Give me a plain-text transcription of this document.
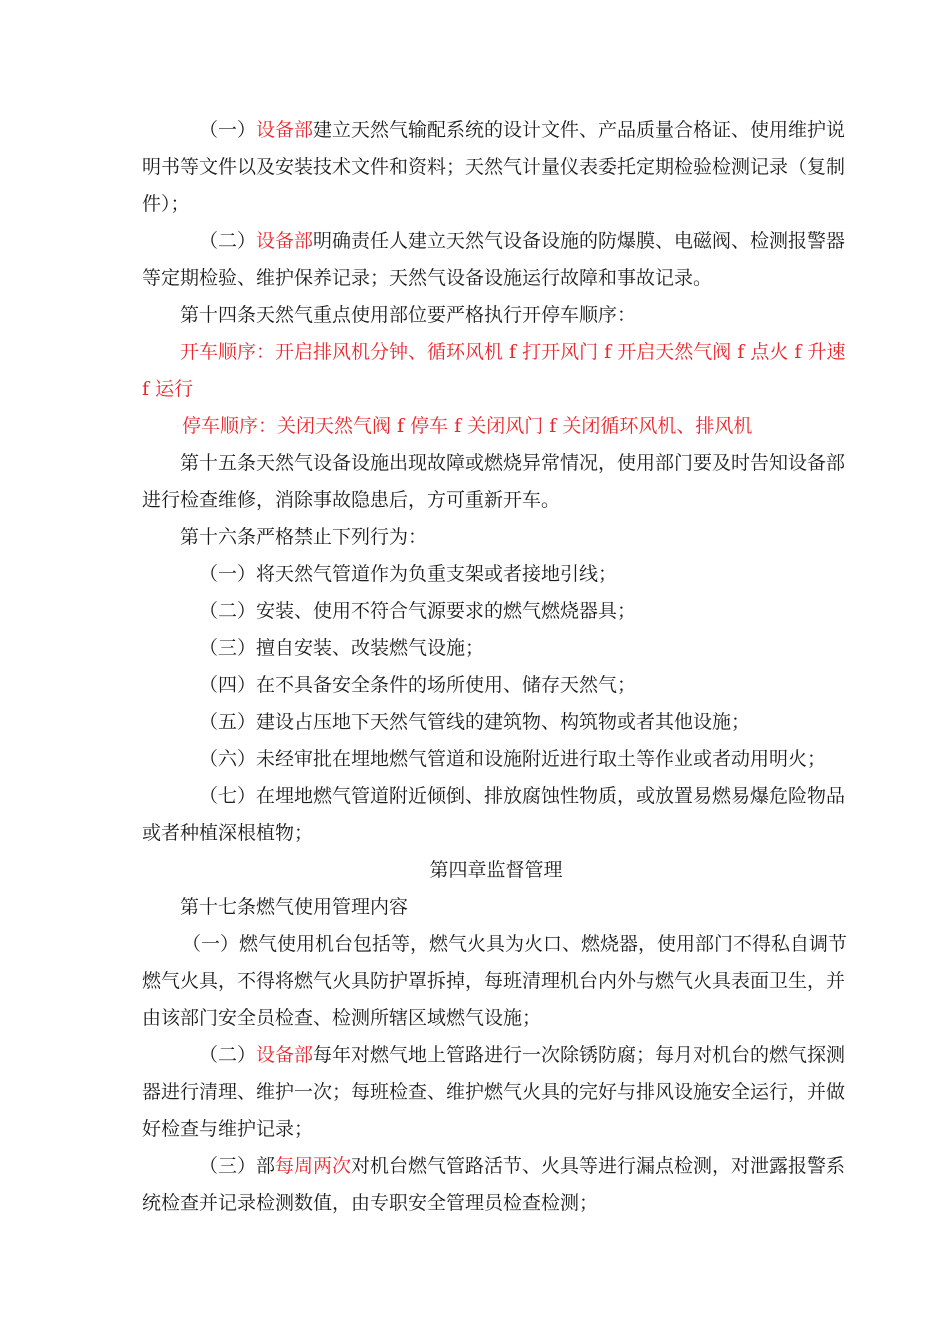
（一）设备部建立天然气输配系统的设计文件、产品质量合格证、使用维护说明书等文件以及安装技术文件和资料；天然气计量仪表委托定期检验检测记录（复制件）；

（二）设备部明确责任人建立天然气设备设施的防爆膜、电磁阀、检测报警器等定期检验、维护保养记录；天然气设备设施运行故障和事故记录。

第十四条天然气重点使用部位要严格执行开停车顺序：

开车顺序：开启排风机分钟、循环风机 f 打开风门 f 开启天然气阀 f 点火 f 升速 f 运行

停车顺序：关闭天然气阀 f 停车 f 关闭风门 f 关闭循环风机、排风机

第十五条天然气设备设施出现故障或燃烧异常情况，使用部门要及时告知设备部进行检查维修，消除事故隐患后，方可重新开车。

第十六条严格禁止下列行为：

（一）将天然气管道作为负重支架或者接地引线；

（二）安装、使用不符合气源要求的燃气燃烧器具；

（三）擅自安装、改装燃气设施；

（四）在不具备安全条件的场所使用、储存天然气；

（五）建设占压地下天然气管线的建筑物、构筑物或者其他设施；

（六）未经审批在埋地燃气管道和设施附近进行取土等作业或者动用明火；

（七）在埋地燃气管道附近倾倒、排放腐蚀性物质，或放置易燃易爆危险物品或者种植深根植物；

第四章监督管理

第十七条燃气使用管理内容

（一）燃气使用机台包括等，燃气火具为火口、燃烧器，使用部门不得私自调节燃气火具，不得将燃气火具防护罩拆掉，每班清理机台内外与燃气火具表面卫生，并由该部门安全员检查、检测所辖区域燃气设施；

（二）设备部每年对燃气地上管路进行一次除锈防腐；每月对机台的燃气探测器进行清理、维护一次；每班检查、维护燃气火具的完好与排风设施安全运行，并做好检查与维护记录；

（三）部每周两次对机台燃气管路活节、火具等进行漏点检测，对泄露报警系统检查并记录检测数值，由专职安全管理员检查检测；
